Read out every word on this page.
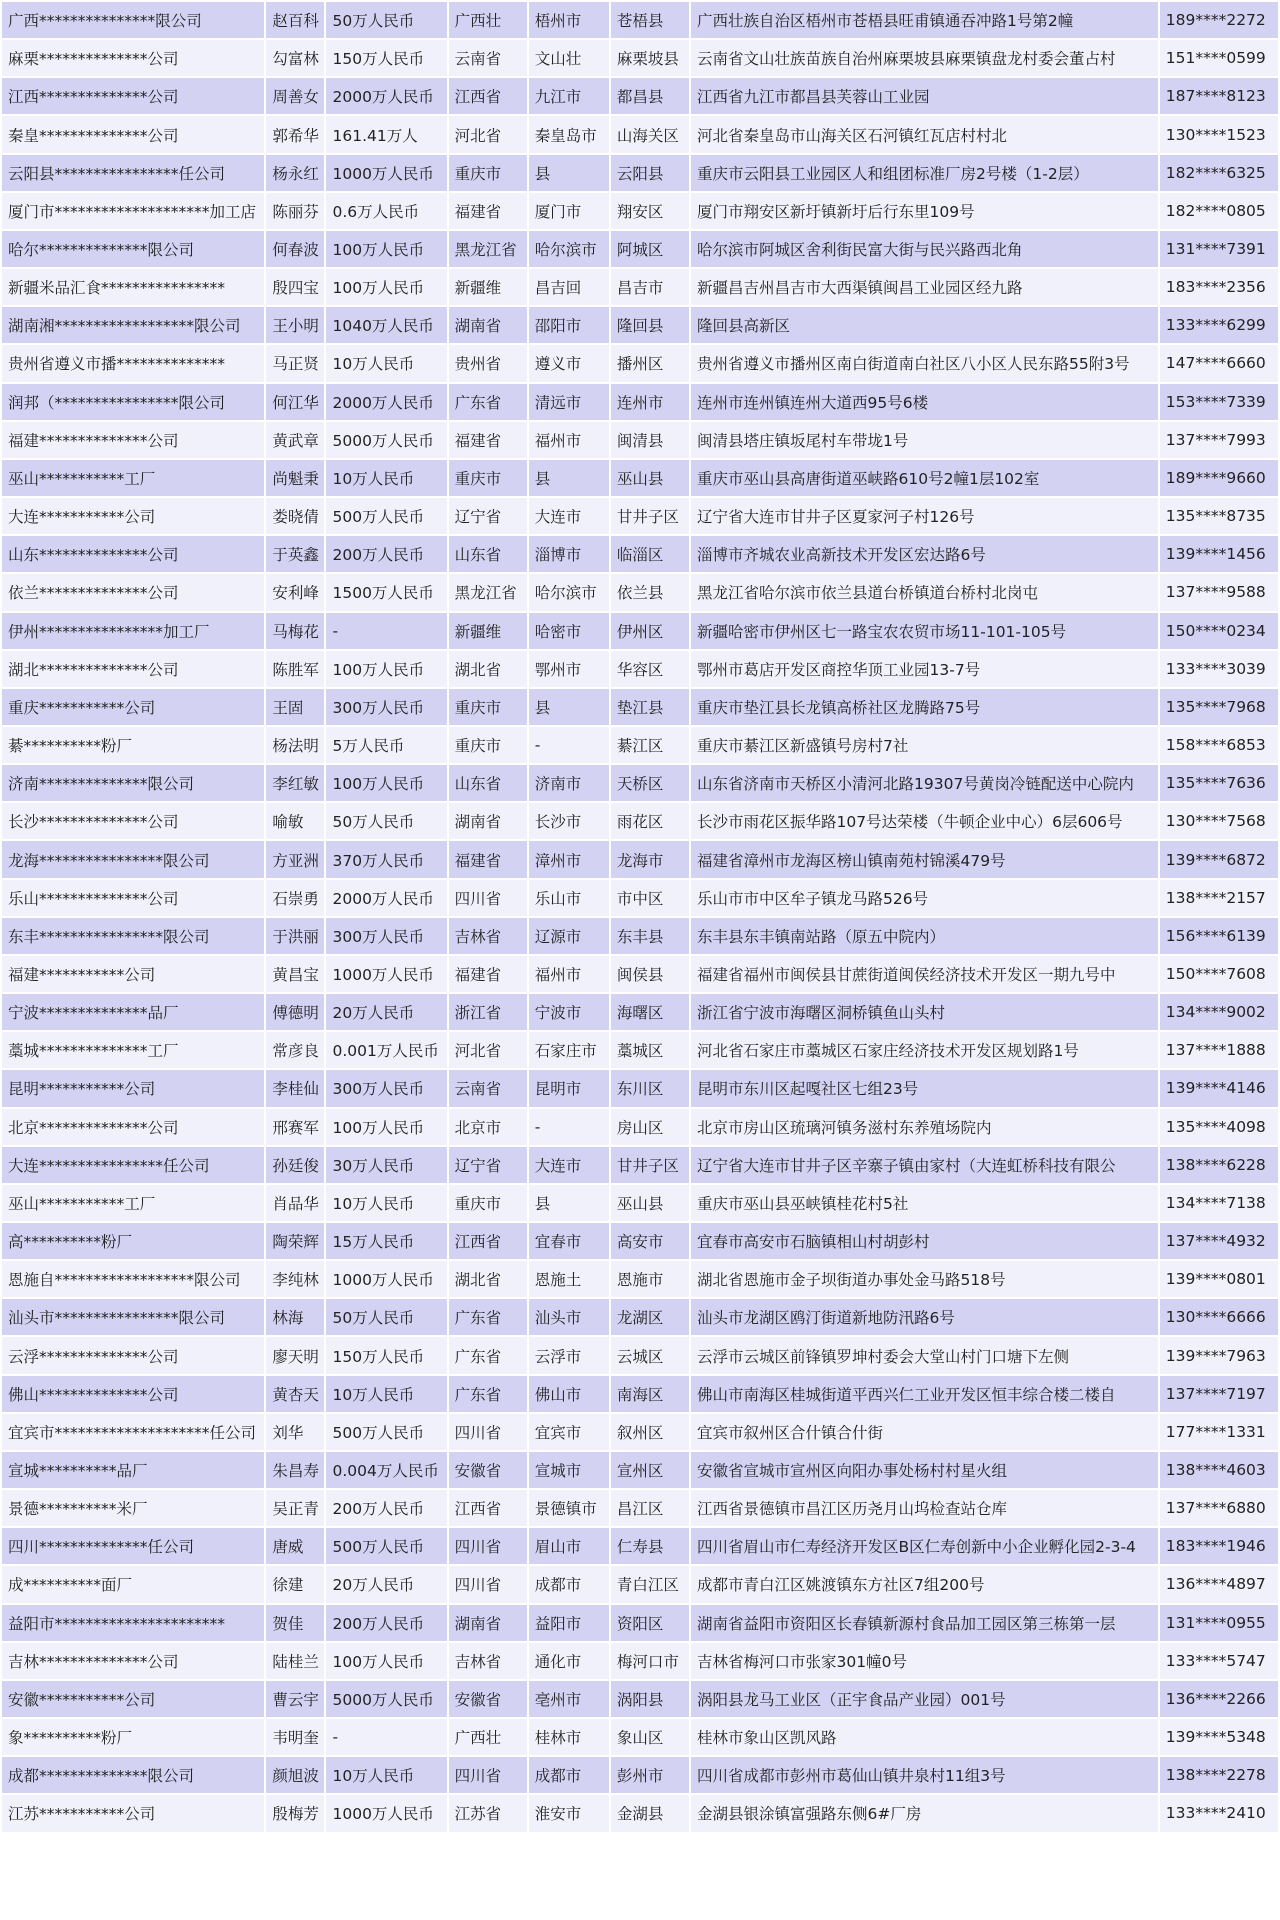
广西***************限公司	赵百科	50万人民币	广西壮	梧州市	苍梧县	广西壮族自治区梧州市苍梧县旺甫镇通吞冲路1号第2幢	189****2272
麻栗**************公司	勾富林	150万人民币	云南省	文山壮	麻栗坡县	云南省文山壮族苗族自治州麻栗坡县麻栗镇盘龙村委会董占村	151****0599
江西**************公司	周善女	2000万人民币	江西省	九江市	都昌县	江西省九江市都昌县芙蓉山工业园	187****8123
秦皇**************公司	郭希华	161.41万人	河北省	秦皇岛市	山海关区	河北省秦皇岛市山海关区石河镇红瓦店村村北	130****1523
云阳县****************任公司	杨永红	1000万人民币	重庆市	县	云阳县	重庆市云阳县工业园区人和组团标准厂房2号楼（1-2层）	182****6325
厦门市********************加工店	陈丽芬	0.6万人民币	福建省	厦门市	翔安区	厦门市翔安区新圩镇新圩后行东里109号	182****0805
哈尔**************限公司	何春波	100万人民币	黑龙江省	哈尔滨市	阿城区	哈尔滨市阿城区舍利街民富大街与民兴路西北角	131****7391
新疆米品汇食****************	殷四宝	100万人民币	新疆维	昌吉回	昌吉市	新疆昌吉州昌吉市大西渠镇闽昌工业园区经九路	183****2356
湖南湘******************限公司	王小明	1040万人民币	湖南省	邵阳市	隆回县	隆回县高新区	133****6299
贵州省遵义市播**************	马正贤	10万人民币	贵州省	遵义市	播州区	贵州省遵义市播州区南白街道南白社区八小区人民东路55附3号	147****6660
润邦（****************限公司	何江华	2000万人民币	广东省	清远市	连州市	连州市连州镇连州大道西95号6楼	153****7339
福建**************公司	黄武章	5000万人民币	福建省	福州市	闽清县	闽清县塔庄镇坂尾村车带垅1号	137****7993
巫山***********工厂	尚魁秉	10万人民币	重庆市	县	巫山县	重庆市巫山县高唐街道巫峡路610号2幢1层102室	189****9660
大连***********公司	娄晓倩	500万人民币	辽宁省	大连市	甘井子区	辽宁省大连市甘井子区夏家河子村126号	135****8735
山东**************公司	于英鑫	200万人民币	山东省	淄博市	临淄区	淄博市齐城农业高新技术开发区宏达路6号	139****1456
依兰**************公司	安利峰	1500万人民币	黑龙江省	哈尔滨市	依兰县	黑龙江省哈尔滨市依兰县道台桥镇道台桥村北岗屯	137****9588
伊州****************加工厂	马梅花	-	新疆维	哈密市	伊州区	新疆哈密市伊州区七一路宝农农贸市场11-101-105号	150****0234
湖北**************公司	陈胜军	100万人民币	湖北省	鄂州市	华容区	鄂州市葛店开发区商控华顶工业园13-7号	133****3039
重庆***********公司	王固	300万人民币	重庆市	县	垫江县	重庆市垫江县长龙镇高桥社区龙腾路75号	135****7968
綦**********粉厂	杨法明	5万人民币	重庆市	-	綦江区	重庆市綦江区新盛镇号房村7社	158****6853
济南**************限公司	李红敏	100万人民币	山东省	济南市	天桥区	山东省济南市天桥区小清河北路19307号黄岗冷链配送中心院内	135****7636
长沙**************公司	喻敏	50万人民币	湖南省	长沙市	雨花区	长沙市雨花区振华路107号达荣楼（牛顿企业中心）6层606号	130****7568
龙海****************限公司	方亚洲	370万人民币	福建省	漳州市	龙海市	福建省漳州市龙海区榜山镇南苑村锦溪479号	139****6872
乐山**************公司	石崇勇	2000万人民币	四川省	乐山市	市中区	乐山市市中区牟子镇龙马路526号	138****2157
东丰****************限公司	于洪丽	300万人民币	吉林省	辽源市	东丰县	东丰县东丰镇南站路（原五中院内）	156****6139
福建***********公司	黄昌宝	1000万人民币	福建省	福州市	闽侯县	福建省福州市闽侯县甘蔗街道闽侯经济技术开发区一期九号中	150****7608
宁波**************品厂	傅德明	20万人民币	浙江省	宁波市	海曙区	浙江省宁波市海曙区洞桥镇鱼山头村	134****9002
藁城**************工厂	常彦良	0.001万人民币	河北省	石家庄市	藁城区	河北省石家庄市藁城区石家庄经济技术开发区规划路1号	137****1888
昆明***********公司	李桂仙	300万人民币	云南省	昆明市	东川区	昆明市东川区起嘎社区七组23号	139****4146
北京**************公司	邢赛军	100万人民币	北京市	-	房山区	北京市房山区琉璃河镇务滋村东养殖场院内	135****4098
大连****************任公司	孙廷俊	30万人民币	辽宁省	大连市	甘井子区	辽宁省大连市甘井子区辛寨子镇由家村（大连虹桥科技有限公	138****6228
巫山***********工厂	肖品华	10万人民币	重庆市	县	巫山县	重庆市巫山县巫峡镇桂花村5社	134****7138
高**********粉厂	陶荣辉	15万人民币	江西省	宜春市	高安市	宜春市高安市石脑镇相山村胡彭村	137****4932
恩施自******************限公司	李纯林	1000万人民币	湖北省	恩施土	恩施市	湖北省恩施市金子坝街道办事处金马路518号	139****0801
汕头市****************限公司	林海	50万人民币	广东省	汕头市	龙湖区	汕头市龙湖区鸥汀街道新地防汛路6号	130****6666
云浮**************公司	廖天明	150万人民币	广东省	云浮市	云城区	云浮市云城区前锋镇罗坤村委会大堂山村门口塘下左侧	139****7963
佛山**************公司	黄杏天	10万人民币	广东省	佛山市	南海区	佛山市南海区桂城街道平西兴仁工业开发区恒丰综合楼二楼自	137****7197
宜宾市********************任公司	刘华	500万人民币	四川省	宜宾市	叙州区	宜宾市叙州区合什镇合什街	177****1331
宣城**********品厂	朱昌寿	0.004万人民币	安徽省	宣城市	宣州区	安徽省宣城市宣州区向阳办事处杨村村星火组	138****4603
景德**********米厂	吴正青	200万人民币	江西省	景德镇市	昌江区	江西省景德镇市昌江区历尧月山坞检查站仓库	137****6880
四川**************任公司	唐威	500万人民币	四川省	眉山市	仁寿县	四川省眉山市仁寿经济开发区B区仁寿创新中小企业孵化园2-3-4	183****1946
成**********面厂	徐建	20万人民币	四川省	成都市	青白江区	成都市青白江区姚渡镇东方社区7组200号	136****4897
益阳市**********************	贺佳	200万人民币	湖南省	益阳市	资阳区	湖南省益阳市资阳区长春镇新源村食品加工园区第三栋第一层	131****0955
吉林**************公司	陆桂兰	100万人民币	吉林省	通化市	梅河口市	吉林省梅河口市张家301幢0号	133****5747
安徽***********公司	曹云宇	5000万人民币	安徽省	亳州市	涡阳县	涡阳县龙马工业区（正宇食品产业园）001号	136****2266
象**********粉厂	韦明奎	-	广西壮	桂林市	象山区	桂林市象山区凯风路	139****5348
成都**************限公司	颜旭波	10万人民币	四川省	成都市	彭州市	四川省成都市彭州市葛仙山镇井泉村11组3号	138****2278
江苏***********公司	殷梅芳	1000万人民币	江苏省	淮安市	金湖县	金湖县银涂镇富强路东侧6#厂房	133****2410
